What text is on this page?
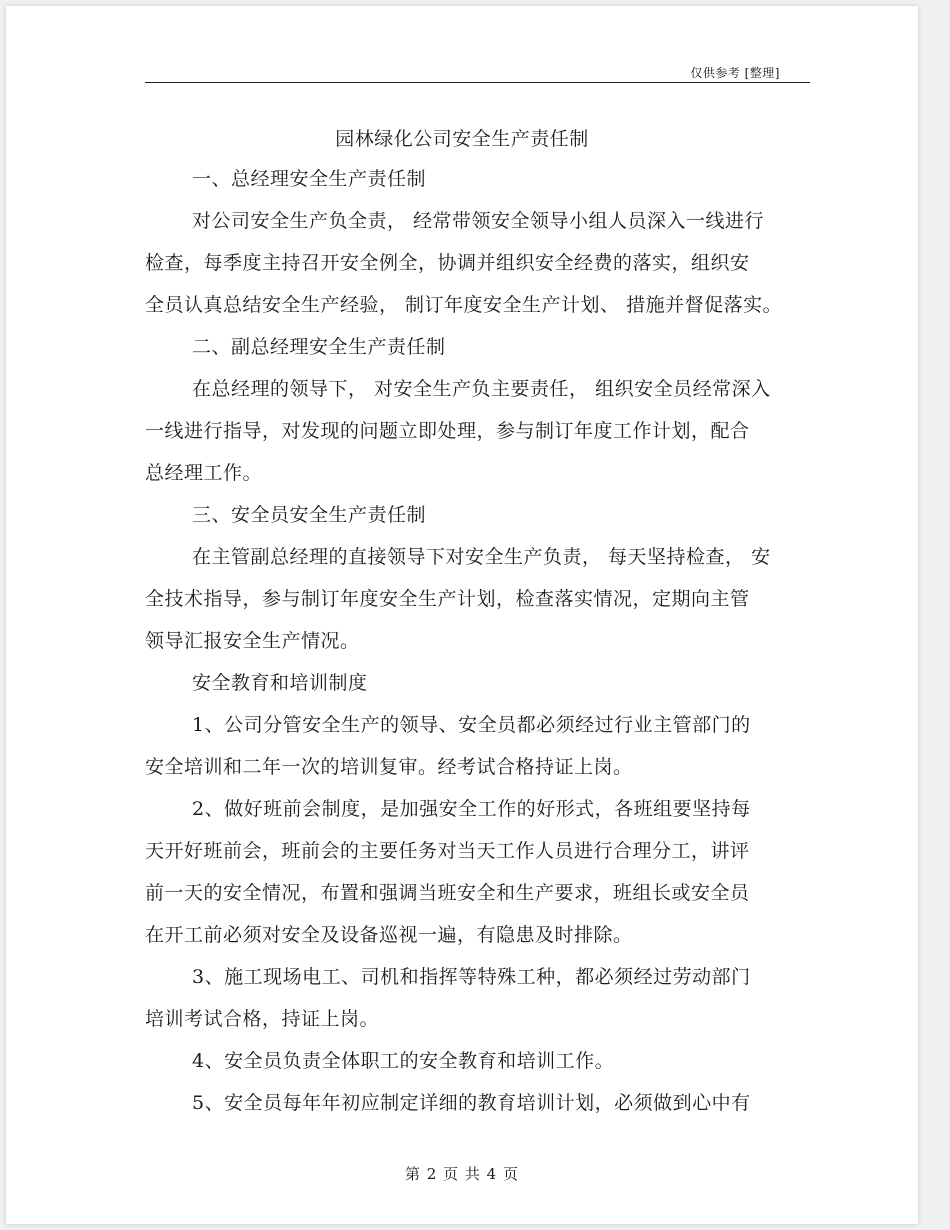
仅供参考 [整理]
园林绿化公司安全生产责任制
一、总经理安全生产责任制
对公司安全生产负全责， 经常带领安全领导小组人员深入一线进行
检查，每季度主持召开安全例全，协调并组织安全经费的落实，组织安
全员认真总结安全生产经验， 制订年度安全生产计划、 措施并督促落实。
二、副总经理安全生产责任制
在总经理的领导下， 对安全生产负主要责任， 组织安全员经常深入
一线进行指导，对发现的问题立即处理，参与制订年度工作计划，配合
总经理工作。
三、安全员安全生产责任制
在主管副总经理的直接领导下对安全生产负责， 每天坚持检查， 安
全技术指导，参与制订年度安全生产计划，检查落实情况，定期向主管
领导汇报安全生产情况。
安全教育和培训制度
1、公司分管安全生产的领导、安全员都必须经过行业主管部门的
安全培训和二年一次的培训复审。经考试合格持证上岗。
2、做好班前会制度，是加强安全工作的好形式，各班组要坚持每
天开好班前会，班前会的主要任务对当天工作人员进行合理分工，讲评
前一天的安全情况，布置和强调当班安全和生产要求，班组长或安全员
在开工前必须对安全及设备巡视一遍，有隐患及时排除。
3、施工现场电工、司机和指挥等特殊工种，都必须经过劳动部门
培训考试合格，持证上岗。
4、安全员负责全体职工的安全教育和培训工作。
5、安全员每年年初应制定详细的教育培训计划，必须做到心中有
第 2 页 共 4 页
